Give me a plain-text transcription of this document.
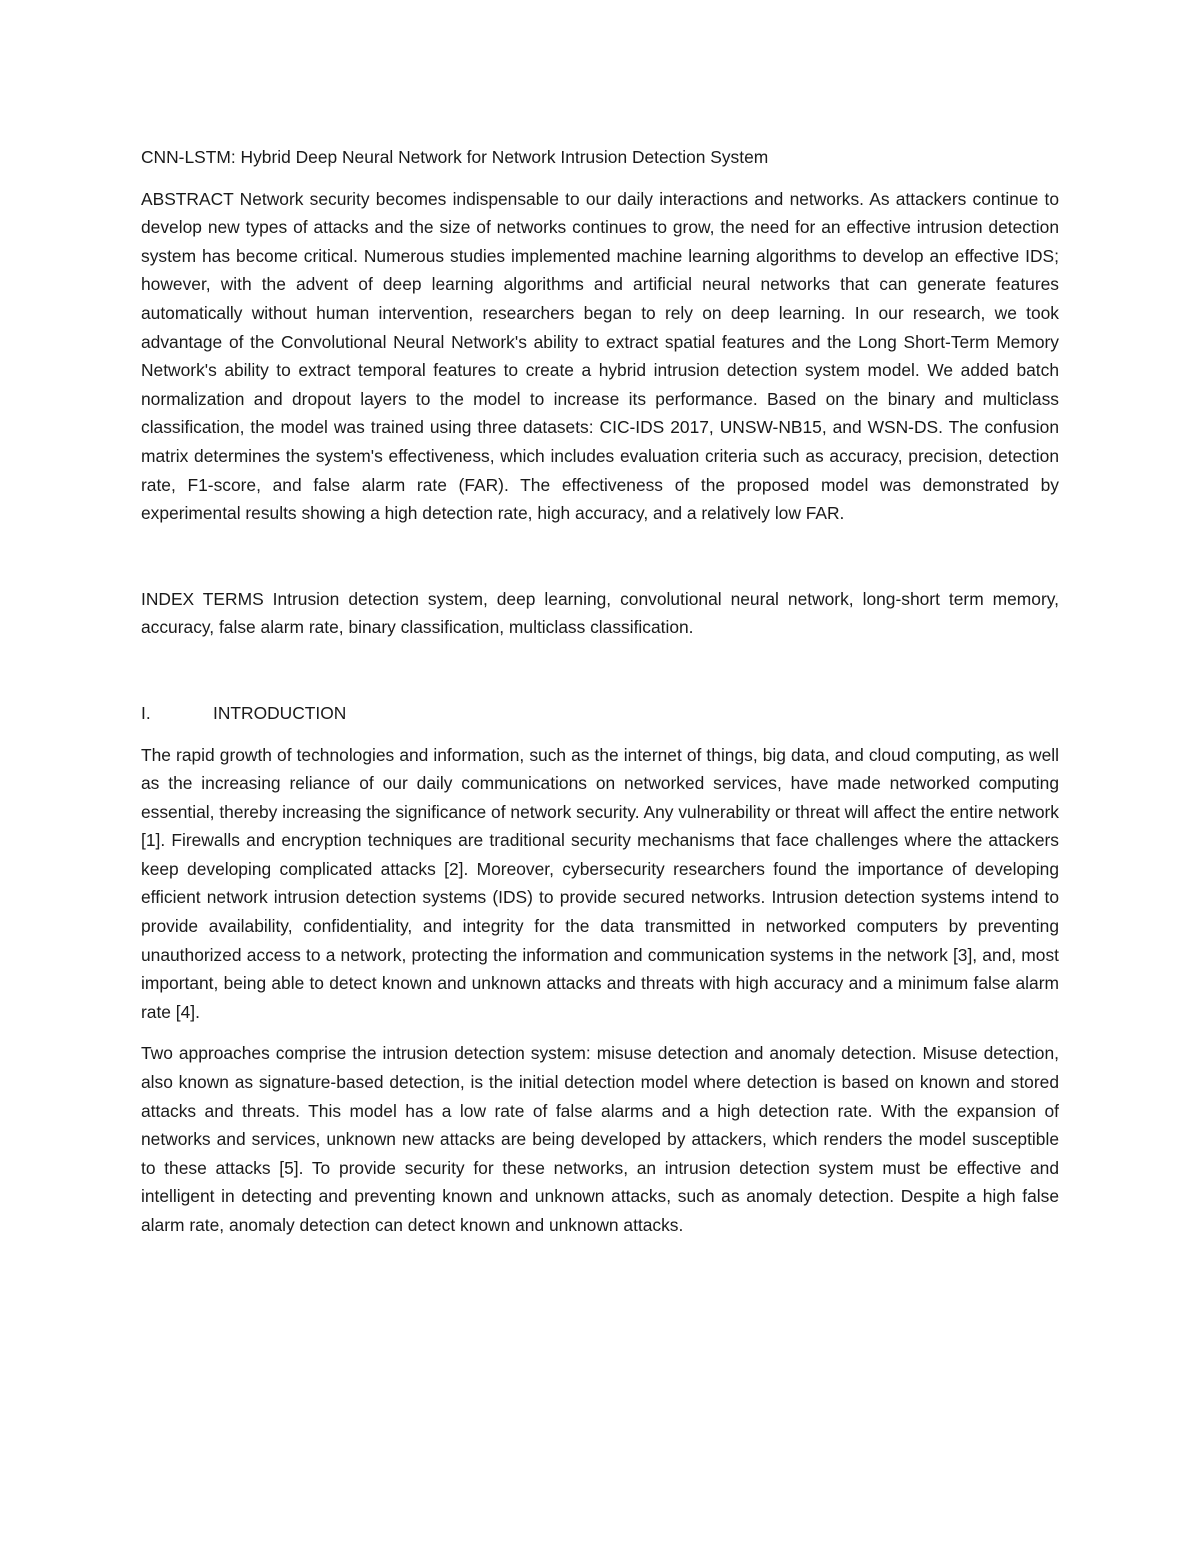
CNN-LSTM: Hybrid Deep Neural Network for Network Intrusion Detection System

ABSTRACT Network security becomes indispensable to our daily interactions and networks. As attackers continue to develop new types of attacks and the size of networks continues to grow, the need for an effective intrusion detection system has become critical. Numerous studies implemented machine learning algorithms to develop an effective IDS; however, with the advent of deep learning algorithms and artificial neural networks that can generate features automatically without human intervention, researchers began to rely on deep learning. In our research, we took advantage of the Convolutional Neural Network's ability to extract spatial features and the Long Short-Term Memory Network's ability to extract temporal features to create a hybrid intrusion detection system model. We added batch normalization and dropout layers to the model to increase its performance. Based on the binary and multiclass classification, the model was trained using three datasets: CIC-IDS 2017, UNSW-NB15, and WSN-DS. The confusion matrix determines the system's effectiveness, which includes evaluation criteria such as accuracy, precision, detection rate, F1-score, and false alarm rate (FAR). The effectiveness of the proposed model was demonstrated by experimental results showing a high detection rate, high accuracy, and a relatively low FAR.

INDEX TERMS Intrusion detection system, deep learning, convolutional neural network, long-short term memory, accuracy, false alarm rate, binary classification, multiclass classification.

I.	INTRODUCTION

The rapid growth of technologies and information, such as the internet of things, big data, and cloud computing, as well as the increasing reliance of our daily communications on networked services, have made networked computing essential, thereby increasing the significance of network security. Any vulnerability or threat will affect the entire network [1]. Firewalls and encryption techniques are traditional security mechanisms that face challenges where the attackers keep developing complicated attacks [2]. Moreover, cybersecurity researchers found the importance of developing efficient network intrusion detection systems (IDS) to provide secured networks. Intrusion detection systems intend to provide availability, confidentiality, and integrity for the data transmitted in networked computers by preventing unauthorized access to a network, protecting the information and communication systems in the network [3], and, most important, being able to detect known and unknown attacks and threats with high accuracy and a minimum false alarm rate [4].

Two approaches comprise the intrusion detection system: misuse detection and anomaly detection. Misuse detection, also known as signature-based detection, is the initial detection model where detection is based on known and stored attacks and threats. This model has a low rate of false alarms and a high detection rate. With the expansion of networks and services, unknown new attacks are being developed by attackers, which renders the model susceptible to these attacks [5]. To provide security for these networks, an intrusion detection system must be effective and intelligent in detecting and preventing known and unknown attacks, such as anomaly detection. Despite a high false alarm rate, anomaly detection can detect known and unknown attacks.
